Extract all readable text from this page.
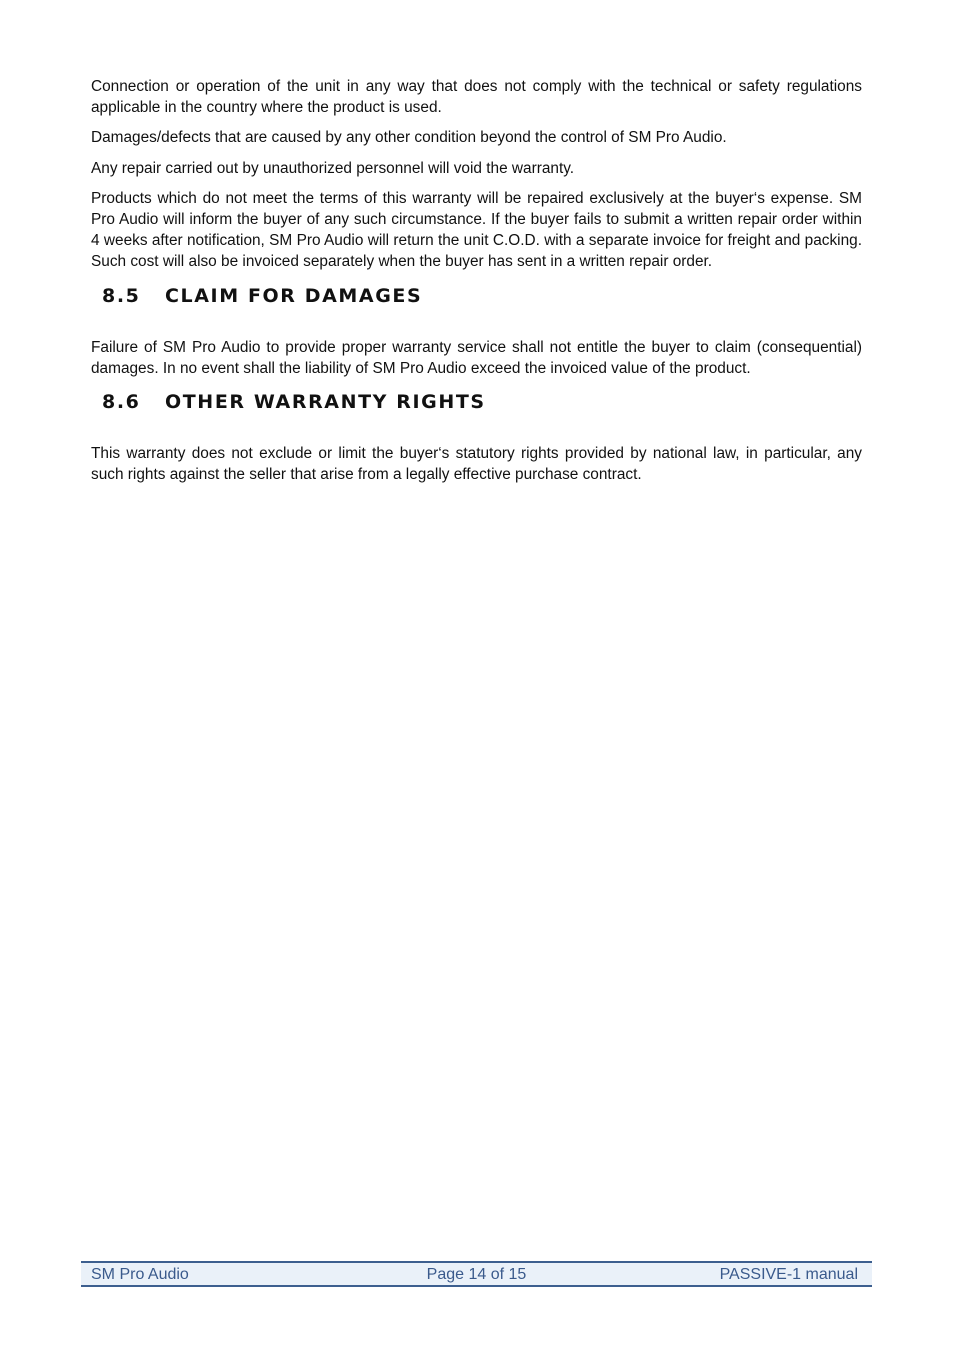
Connection or operation of the unit in any way that does not comply with the technical or safety regulations applicable in the country where the product is used.

Damages/defects that are caused by any other condition beyond the control of SM Pro Audio.

Any repair carried out by unauthorized personnel will void the warranty.

Products which do not meet the terms of this warranty will be repaired exclusively at the buyer‘s expense. SM Pro Audio will inform the buyer of any such circumstance. If the buyer fails to submit a written repair order within 4 weeks after notification, SM Pro Audio will return the unit C.O.D. with a separate invoice for freight and packing. Such cost will also be invoiced separately when the buyer has sent in a written repair order.

8.5 CLAIM FOR DAMAGES

Failure of SM Pro Audio to provide proper warranty service shall not entitle the buyer to claim (consequential) damages. In no event shall the liability of SM Pro Audio exceed the invoiced value of the product.

8.6 OTHER WARRANTY RIGHTS

This warranty does not exclude or limit the buyer‘s statutory rights provided by national law, in particular, any such rights against the seller that arise from a legally effective purchase contract.

SM Pro Audio	Page 14 of 15	PASSIVE-1 manual
